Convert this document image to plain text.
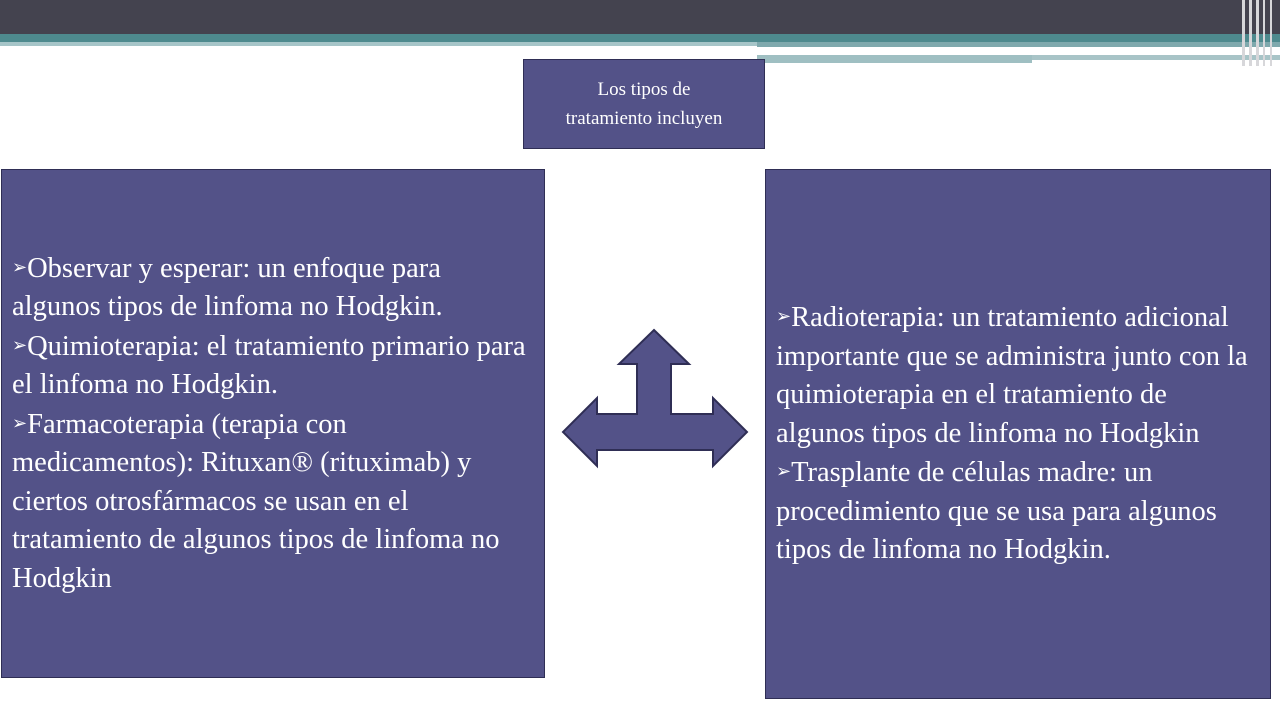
Los tipos de tratamiento incluyen

➢Observar y esperar: un enfoque para algunos tipos de linfoma no Hodgkin.

➢Quimioterapia: el tratamiento primario para el linfoma no Hodgkin.

➢Farmacoterapia (terapia con medicamentos): Rituxan® (rituximab) y ciertos otrosfármacos se usan en el tratamiento de algunos tipos de linfoma no Hodgkin

➢Radioterapia: un tratamiento adicional importante que se administra junto con la quimioterapia en el tratamiento de algunos tipos de linfoma no Hodgkin

➢Trasplante de células madre: un procedimiento que se usa para algunos tipos de linfoma no Hodgkin.
